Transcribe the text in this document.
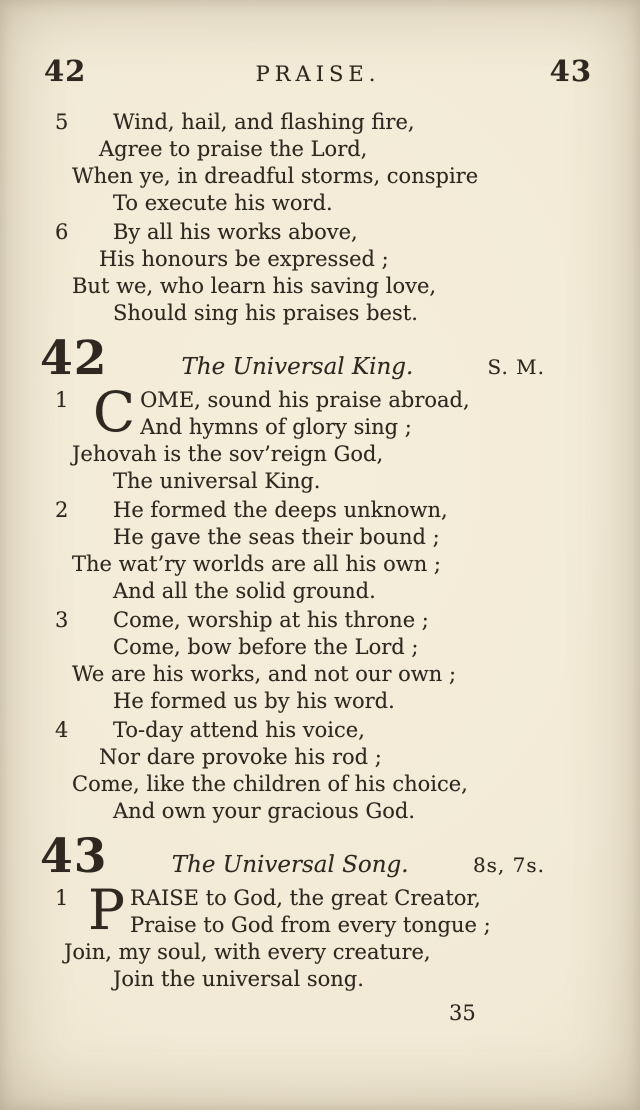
42	PRAISE.	43
5	Wind, hail, and flashing fire,
Agree to praise the Lord,
When ye, in dreadful storms, conspire
To execute his word.
6	By all his works above,
His honours be expressed ;
But we, who learn his saving love,
Should sing his praises best.
42	The Universal King.	S. M.
1 C OME, sound his praise abroad,
And hymns of glory sing ;
Jehovah is the sov’reign God,
The universal King.
2	He formed the deeps unknown,
He gave the seas their bound ;
The wat’ry worlds are all his own ;
And all the solid ground.
3	Come, worship at his throne ;
Come, bow before the Lord ;
We are his works, and not our own ;
He formed us by his word.
4	To-day attend his voice,
Nor dare provoke his rod ;
Come, like the children of his choice,
And own your gracious God.
43	The Universal Song.	8s, 7s.
1 P RAISE to God, the great Creator,
Praise to God from every tongue ;
Join, my soul, with every creature,
Join the universal song.
35
